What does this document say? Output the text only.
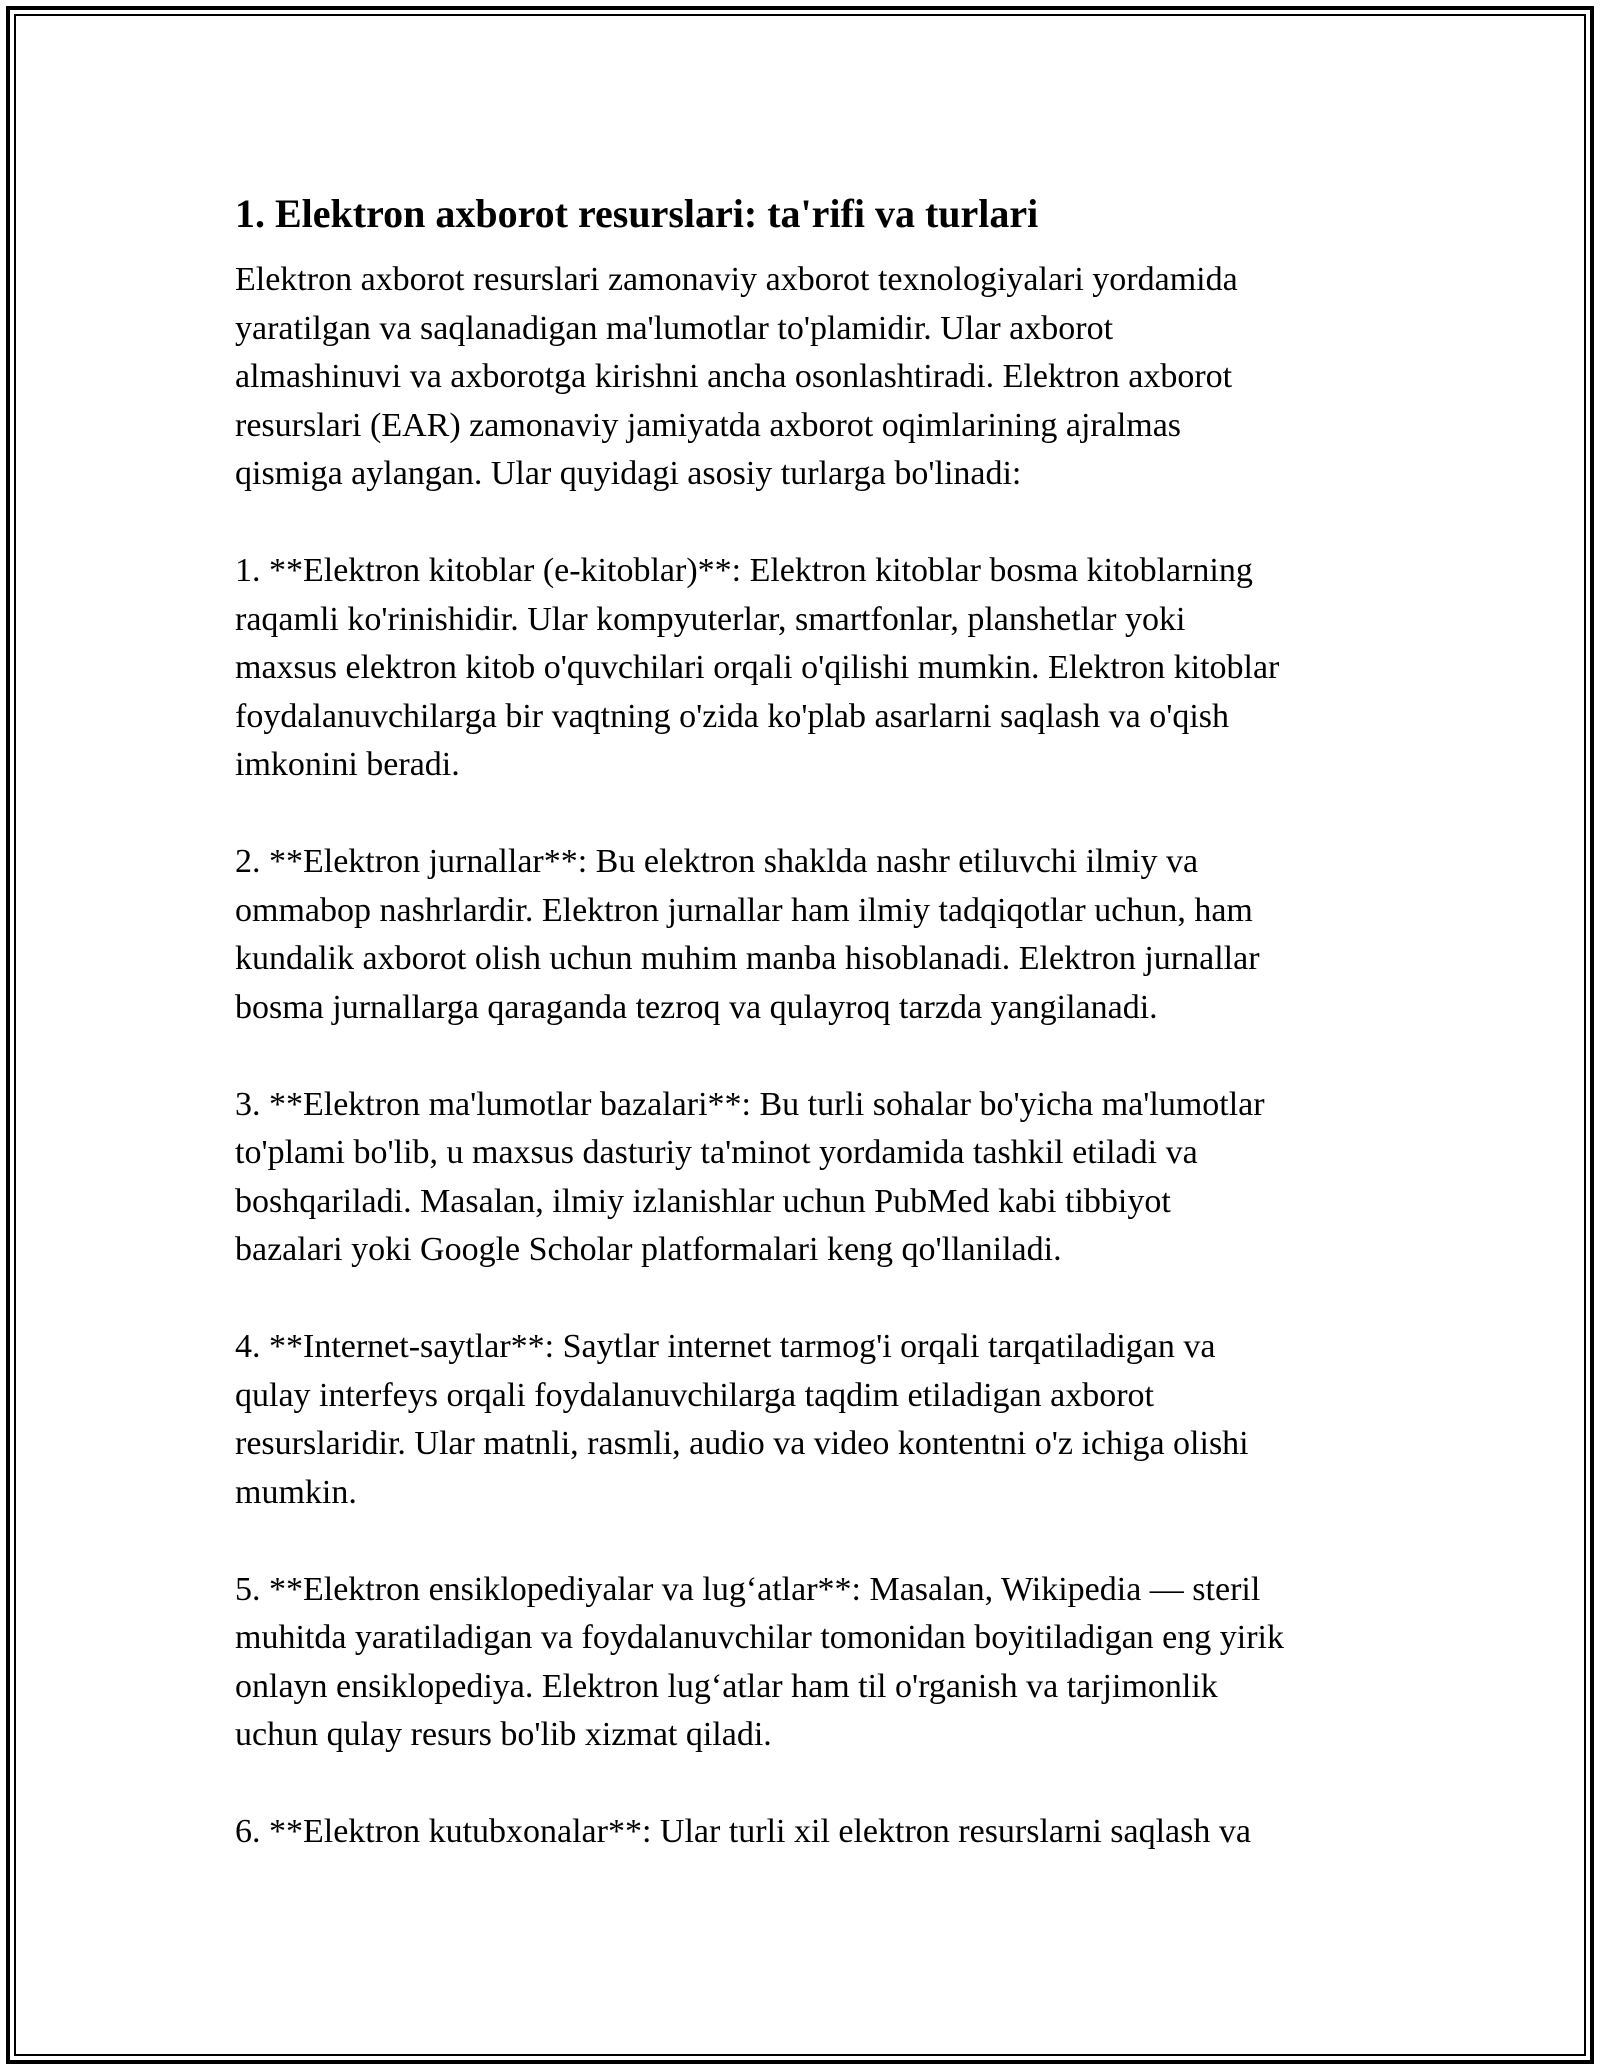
1. Elektron axborot resurslari: ta'rifi va turlari

Elektron axborot resurslari zamonaviy axborot texnologiyalari yordamida
yaratilgan va saqlanadigan ma'lumotlar to'plamidir. Ular axborot
almashinuvi va axborotga kirishni ancha osonlashtiradi. Elektron axborot
resurslari (EAR) zamonaviy jamiyatda axborot oqimlarining ajralmas
qismiga aylangan. Ular quyidagi asosiy turlarga bo'linadi:

1. **Elektron kitoblar (e-kitoblar)**: Elektron kitoblar bosma kitoblarning
raqamli ko'rinishidir. Ular kompyuterlar, smartfonlar, planshetlar yoki
maxsus elektron kitob o'quvchilari orqali o'qilishi mumkin. Elektron kitoblar
foydalanuvchilarga bir vaqtning o'zida ko'plab asarlarni saqlash va o'qish
imkonini beradi.

2. **Elektron jurnallar**: Bu elektron shaklda nashr etiluvchi ilmiy va
ommabop nashrlardir. Elektron jurnallar ham ilmiy tadqiqotlar uchun, ham
kundalik axborot olish uchun muhim manba hisoblanadi. Elektron jurnallar
bosma jurnallarga qaraganda tezroq va qulayroq tarzda yangilanadi.

3. **Elektron ma'lumotlar bazalari**: Bu turli sohalar bo'yicha ma'lumotlar
to'plami bo'lib, u maxsus dasturiy ta'minot yordamida tashkil etiladi va
boshqariladi. Masalan, ilmiy izlanishlar uchun PubMed kabi tibbiyot
bazalari yoki Google Scholar platformalari keng qo'llaniladi.

4. **Internet-saytlar**: Saytlar internet tarmog'i orqali tarqatiladigan va
qulay interfeys orqali foydalanuvchilarga taqdim etiladigan axborot
resurslaridir. Ular matnli, rasmli, audio va video kontentni o'z ichiga olishi
mumkin.

5. **Elektron ensiklopediyalar va lug‘atlar**: Masalan, Wikipedia — steril
muhitda yaratiladigan va foydalanuvchilar tomonidan boyitiladigan eng yirik
onlayn ensiklopediya. Elektron lug‘atlar ham til o'rganish va tarjimonlik
uchun qulay resurs bo'lib xizmat qiladi.

6. **Elektron kutubxonalar**: Ular turli xil elektron resurslarni saqlash va
